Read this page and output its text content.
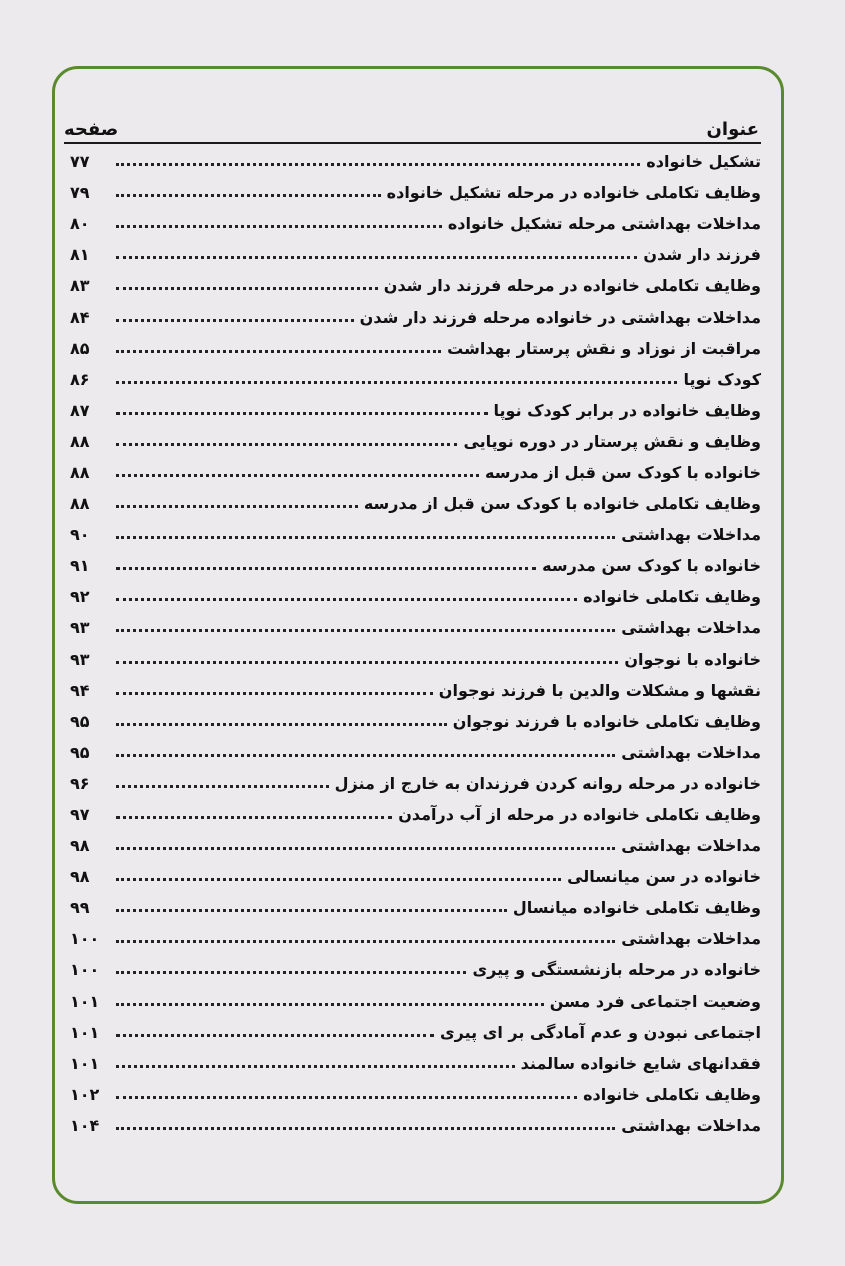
عنوان
صفحه
تشکیل خانواده
۷۷
وظایف تکاملی خانواده در مرحله تشکیل خانواده
۷۹
مداخلات بهداشتی مرحله تشکیل خانواده
۸۰
فرزند دار شدن
۸۱
وظایف تکاملی خانواده در مرحله فرزند دار شدن
۸۳
مداخلات بهداشتی در خانواده مرحله فرزند دار شدن
۸۴
مراقبت از نوزاد و نقش پرستار بهداشت
۸۵
کودک نوپا
۸۶
وظایف خانواده در برابر کودک نوپا
۸۷
وظایف و نقش پرستار در دوره نوپایی
۸۸
خانواده با کودک سن قبل از مدرسه
۸۸
وظایف تکاملی خانواده با کودک سن قبل از مدرسه
۸۸
مداخلات بهداشتی
۹۰
خانواده با کودک سن مدرسه
۹۱
وظایف تکاملی خانواده
۹۲
مداخلات بهداشتی
۹۳
خانواده با نوجوان
۹۳
نقشها و مشکلات والدین با فرزند نوجوان
۹۴
وظایف تکاملی خانواده با فرزند نوجوان
۹۵
مداخلات بهداشتی
۹۵
خانواده در مرحله روانه کردن فرزندان به خارج از منزل
۹۶
وظایف تکاملی خانواده در مرحله از آب درآمدن
۹۷
مداخلات بهداشتی
۹۸
خانواده در سن میانسالی
۹۸
وظایف تکاملی خانواده میانسال
۹۹
مداخلات بهداشتی
۱۰۰
خانواده در مرحله بازنشستگی و پیری
۱۰۰
وضعیت اجتماعی فرد مسن
۱۰۱
اجتماعی نبودن و عدم آمادگی بر ای پیری
۱۰۱
فقدانهای شایع خانواده سالمند
۱۰۱
وظایف تکاملی خانواده
۱۰۲
مداخلات بهداشتی
۱۰۴
